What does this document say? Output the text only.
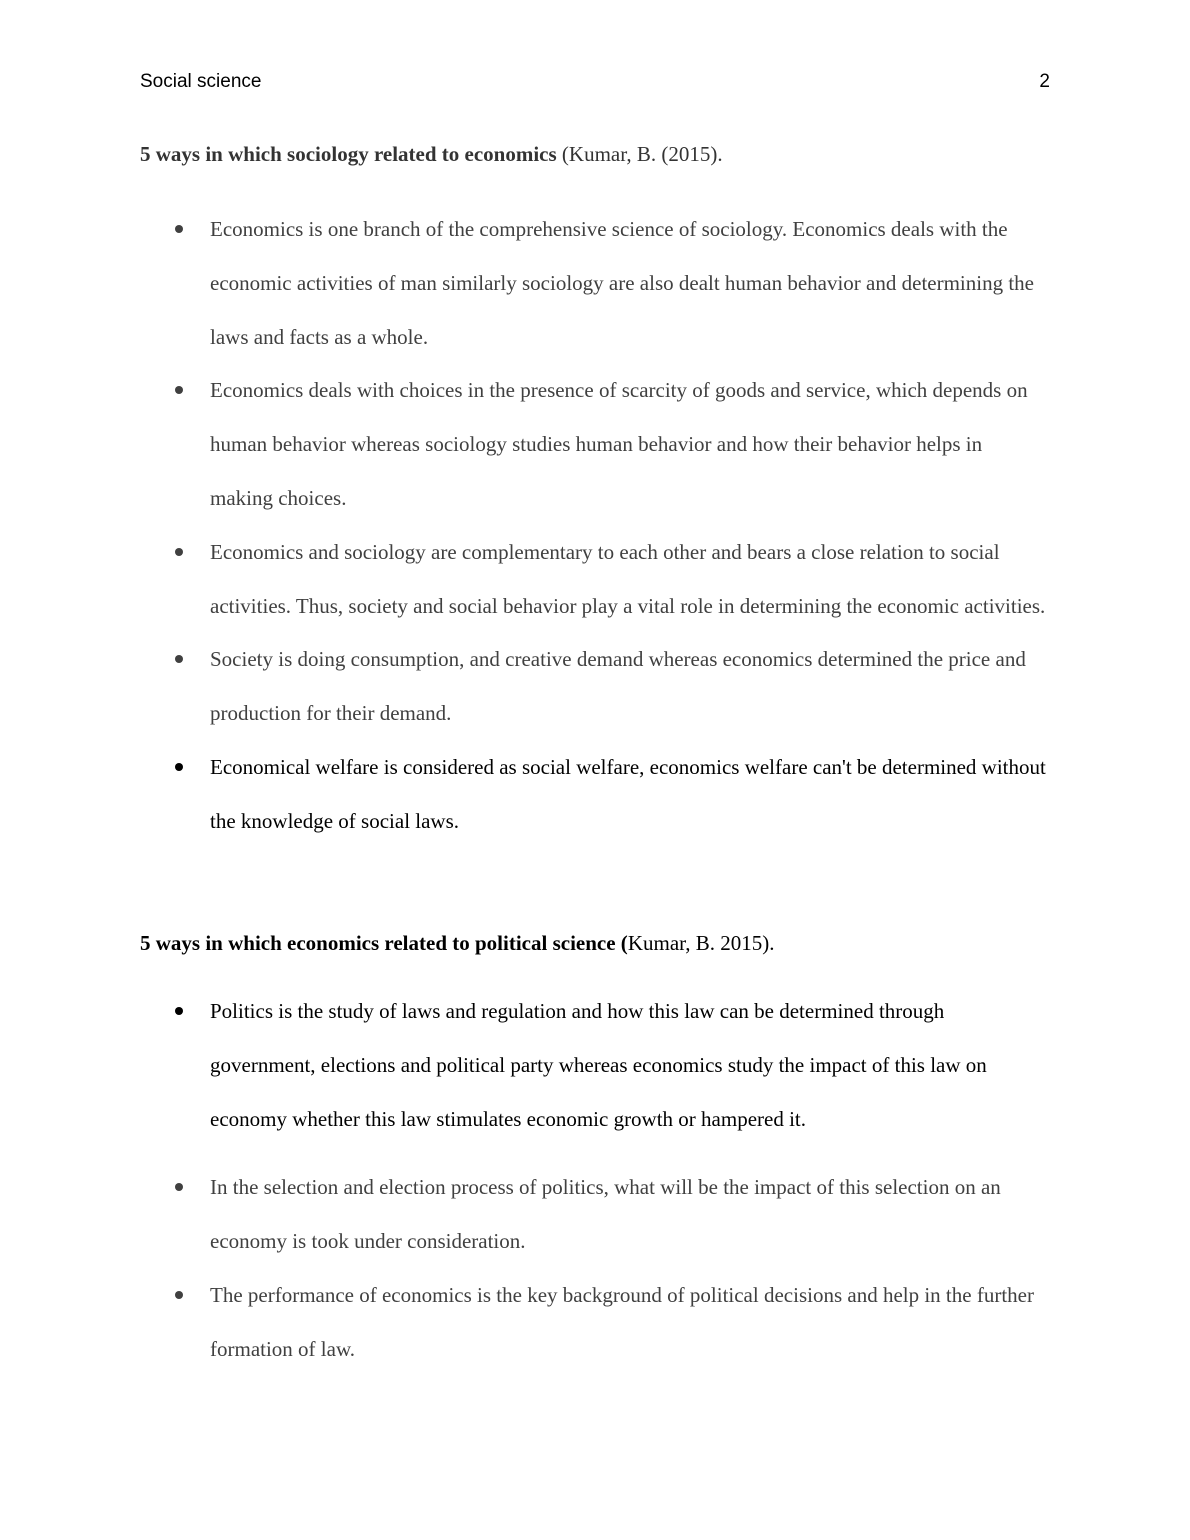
Social science	2
5 ways in which sociology related to economics (Kumar, B. (2015).
Economics is one branch of the comprehensive science of sociology. Economics deals with the economic activities of man similarly sociology are also dealt human behavior and determining the laws and facts as a whole.
Economics deals with choices in the presence of scarcity of goods and service, which depends on human behavior whereas sociology studies human behavior and how their behavior helps in making choices.
Economics and sociology are complementary to each other and bears a close relation to social activities. Thus, society and social behavior play a vital role in determining the economic activities.
Society is doing consumption, and creative demand whereas economics determined the price and production for their demand.
Economical welfare is considered as social welfare, economics welfare can't be determined without the knowledge of social laws.
5 ways in which economics related to political science (Kumar, B. 2015).
Politics is the study of laws and regulation and how this law can be determined through government, elections and political party whereas economics study the impact of this law on economy whether this law stimulates economic growth or hampered it.
In the selection and election process of politics, what will be the impact of this selection on an economy is took under consideration.
The performance of economics is the key background of political decisions and help in the further formation of law.
